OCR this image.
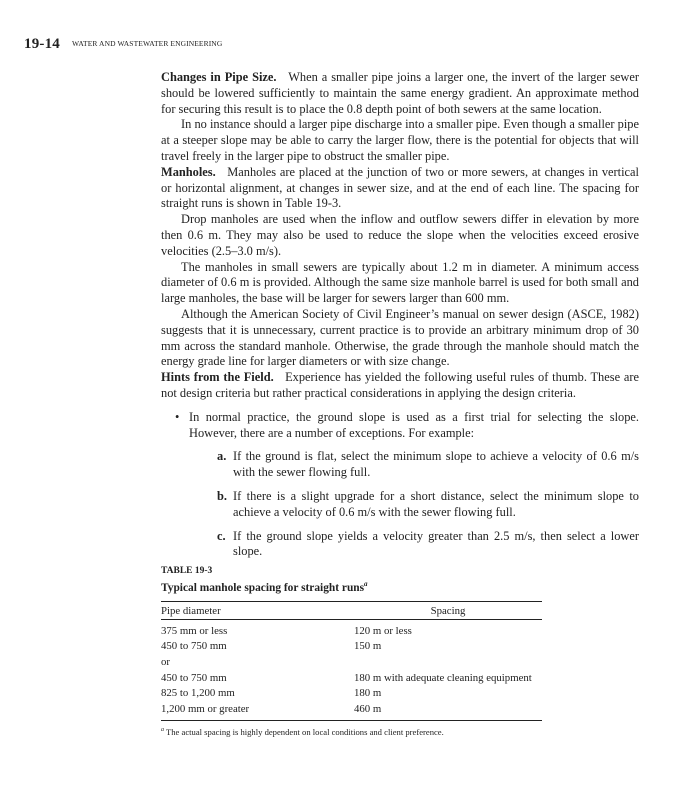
19-14 WATER AND WASTEWATER ENGINEERING

Changes in Pipe Size. When a smaller pipe joins a larger one, the invert of the larger sewer should be lowered sufficiently to maintain the same energy gradient. An approximate method for securing this result is to place the 0.8 depth point of both sewers at the same location.

In no instance should a larger pipe discharge into a smaller pipe. Even though a smaller pipe at a steeper slope may be able to carry the larger flow, there is the potential for objects that will travel freely in the larger pipe to obstruct the smaller pipe.

Manholes. Manholes are placed at the junction of two or more sewers, at changes in vertical or horizontal alignment, at changes in sewer size, and at the end of each line. The spacing for straight runs is shown in Table 19-3.

Drop manholes are used when the inflow and outflow sewers differ in elevation by more then 0.6 m. They may also be used to reduce the slope when the velocities exceed erosive velocities (2.5–3.0 m/s).

The manholes in small sewers are typically about 1.2 m in diameter. A minimum access diameter of 0.6 m is provided. Although the same size manhole barrel is used for both small and large manholes, the base will be larger for sewers larger than 600 mm.

Although the American Society of Civil Engineer’s manual on sewer design (ASCE, 1982) suggests that it is unnecessary, current practice is to provide an arbitrary minimum drop of 30 mm across the standard manhole. Otherwise, the grade through the manhole should match the energy grade line for larger diameters or with size change.

Hints from the Field. Experience has yielded the following useful rules of thumb. These are not design criteria but rather practical considerations in applying the design criteria.

• In normal practice, the ground slope is used as a first trial for selecting the slope. However, there are a number of exceptions. For example:
a. If the ground is flat, select the minimum slope to achieve a velocity of 0.6 m/s with the sewer flowing full.
b. If there is a slight upgrade for a short distance, select the minimum slope to achieve a velocity of 0.6 m/s with the sewer flowing full.
c. If the ground slope yields a velocity greater than 2.5 m/s, then select a lower slope.
TABLE 19-3
Typical manhole spacing for straight runs$^a$
Pipe diameter	Spacing
375 mm or less	120 m or less
450 to 750 mm	150 m
or	
450 to 750 mm	180 m with adequate cleaning equipment
825 to 1,200 mm	180 m
1,200 mm or greater	460 m
$^a$ The actual spacing is highly dependent on local conditions and client preference.
